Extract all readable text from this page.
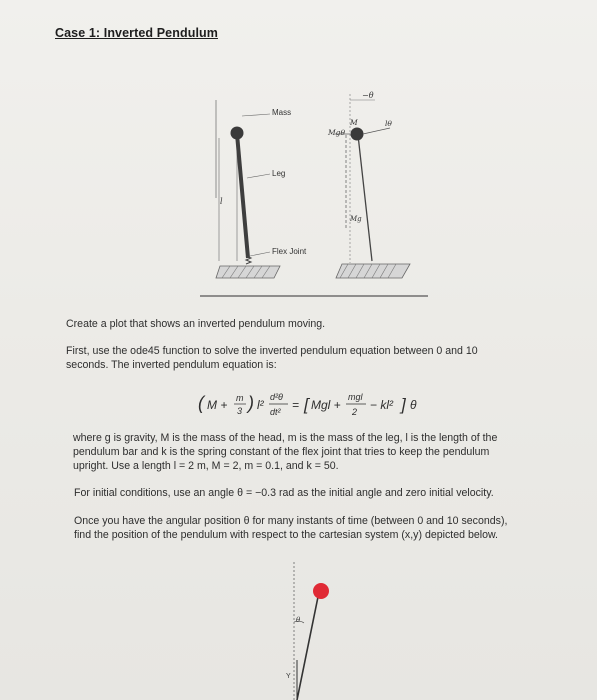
Case 1: Inverted Pendulum
Mass
Leg
Flex Joint
l
−θ
M
Mgθ
lθ
Mg
Create a plot that shows an inverted pendulum moving.
First, use the ode45 function to solve the inverted pendulum equation between 0 and 10
seconds. The inverted pendulum equation is:
( M + m
3 ) l²
d²θ
dt² = [ Mgl +
mgl
2 − kl² ] θ
where g is gravity, M is the mass of the head, m is the mass of the leg, l is the length of the
pendulum bar and k is the spring constant of the flex joint that tries to keep the pendulum
upright. Use a length l = 2 m, M = 2, m = 0.1, and k = 50.
For initial conditions, use an angle θ = −0.3 rad as the initial angle and zero initial velocity.
Once you have the angular position θ for many instants of time (between 0 and 10 seconds),
find the position of the pendulum with respect to the cartesian system (x,y) depicted below.
θ
Y
